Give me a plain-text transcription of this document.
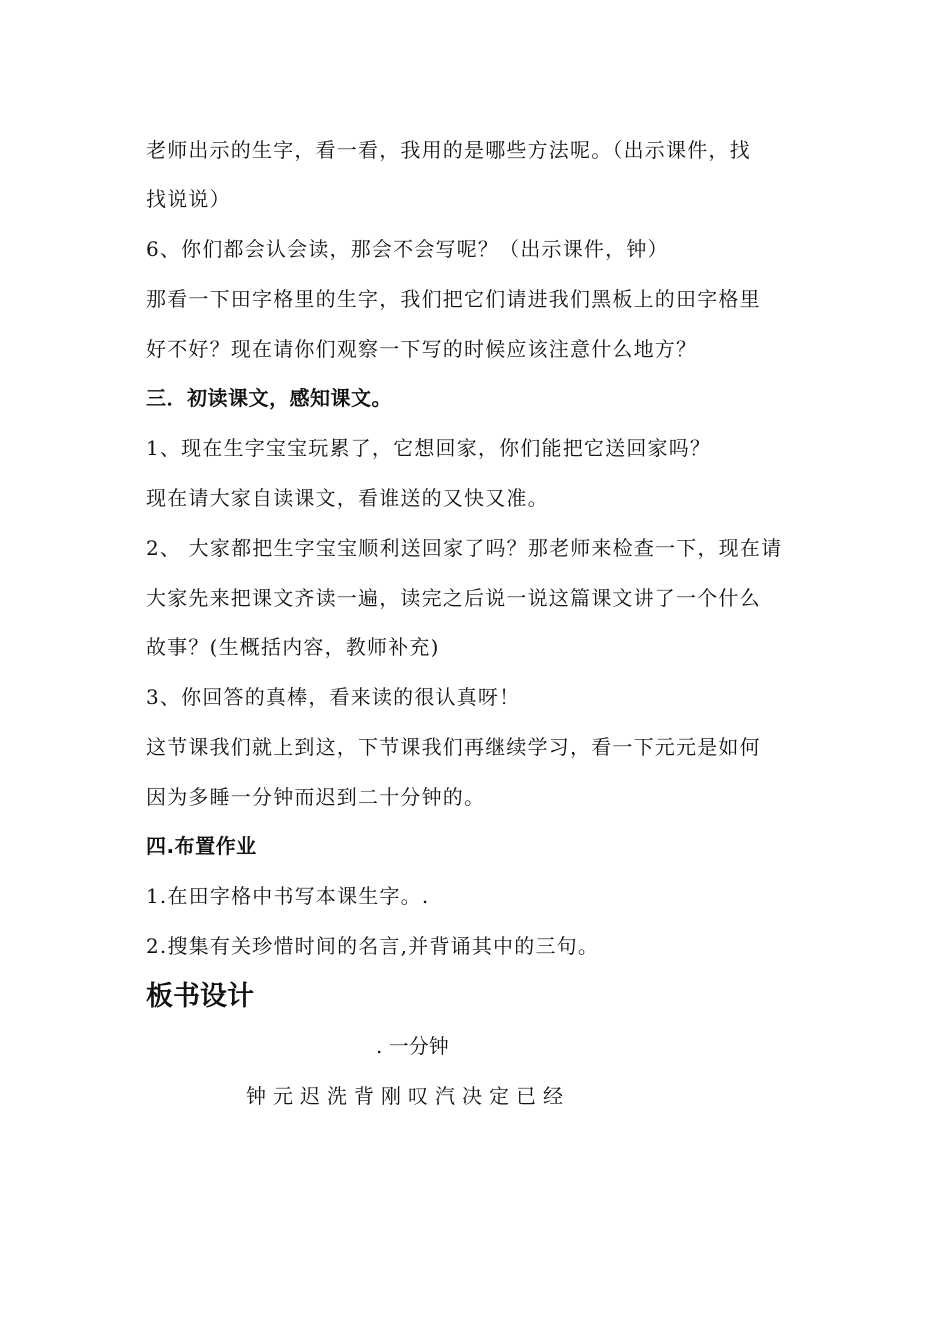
老师出示的生字，看一看，我用的是哪些方法呢。（出示课件，找
找说说）
6、你们都会认会读，那会不会写呢？（出示课件，钟）
那看一下田字格里的生字，我们把它们请进我们黑板上的田字格里
好不好？现在请你们观察一下写的时候应该注意什么地方？
三．初读课文，感知课文。
1、现在生字宝宝玩累了，它想回家，你们能把它送回家吗？
现在请大家自读课文，看谁送的又快又准。
2、 大家都把生字宝宝顺利送回家了吗？那老师来检查一下，现在请
大家先来把课文齐读一遍，读完之后说一说这篇课文讲了一个什么
故事？(生概括内容，教师补充)
3、你回答的真棒，看来读的很认真呀！
这节课我们就上到这，下节课我们再继续学习，看一下元元是如何
因为多睡一分钟而迟到二十分钟的。
四.布置作业
1.在田字格中书写本课生字。.
2.搜集有关珍惜时间的名言,并背诵其中的三句。
板书设计
. 一分钟
钟元迟洗背刚叹汽决定已经
